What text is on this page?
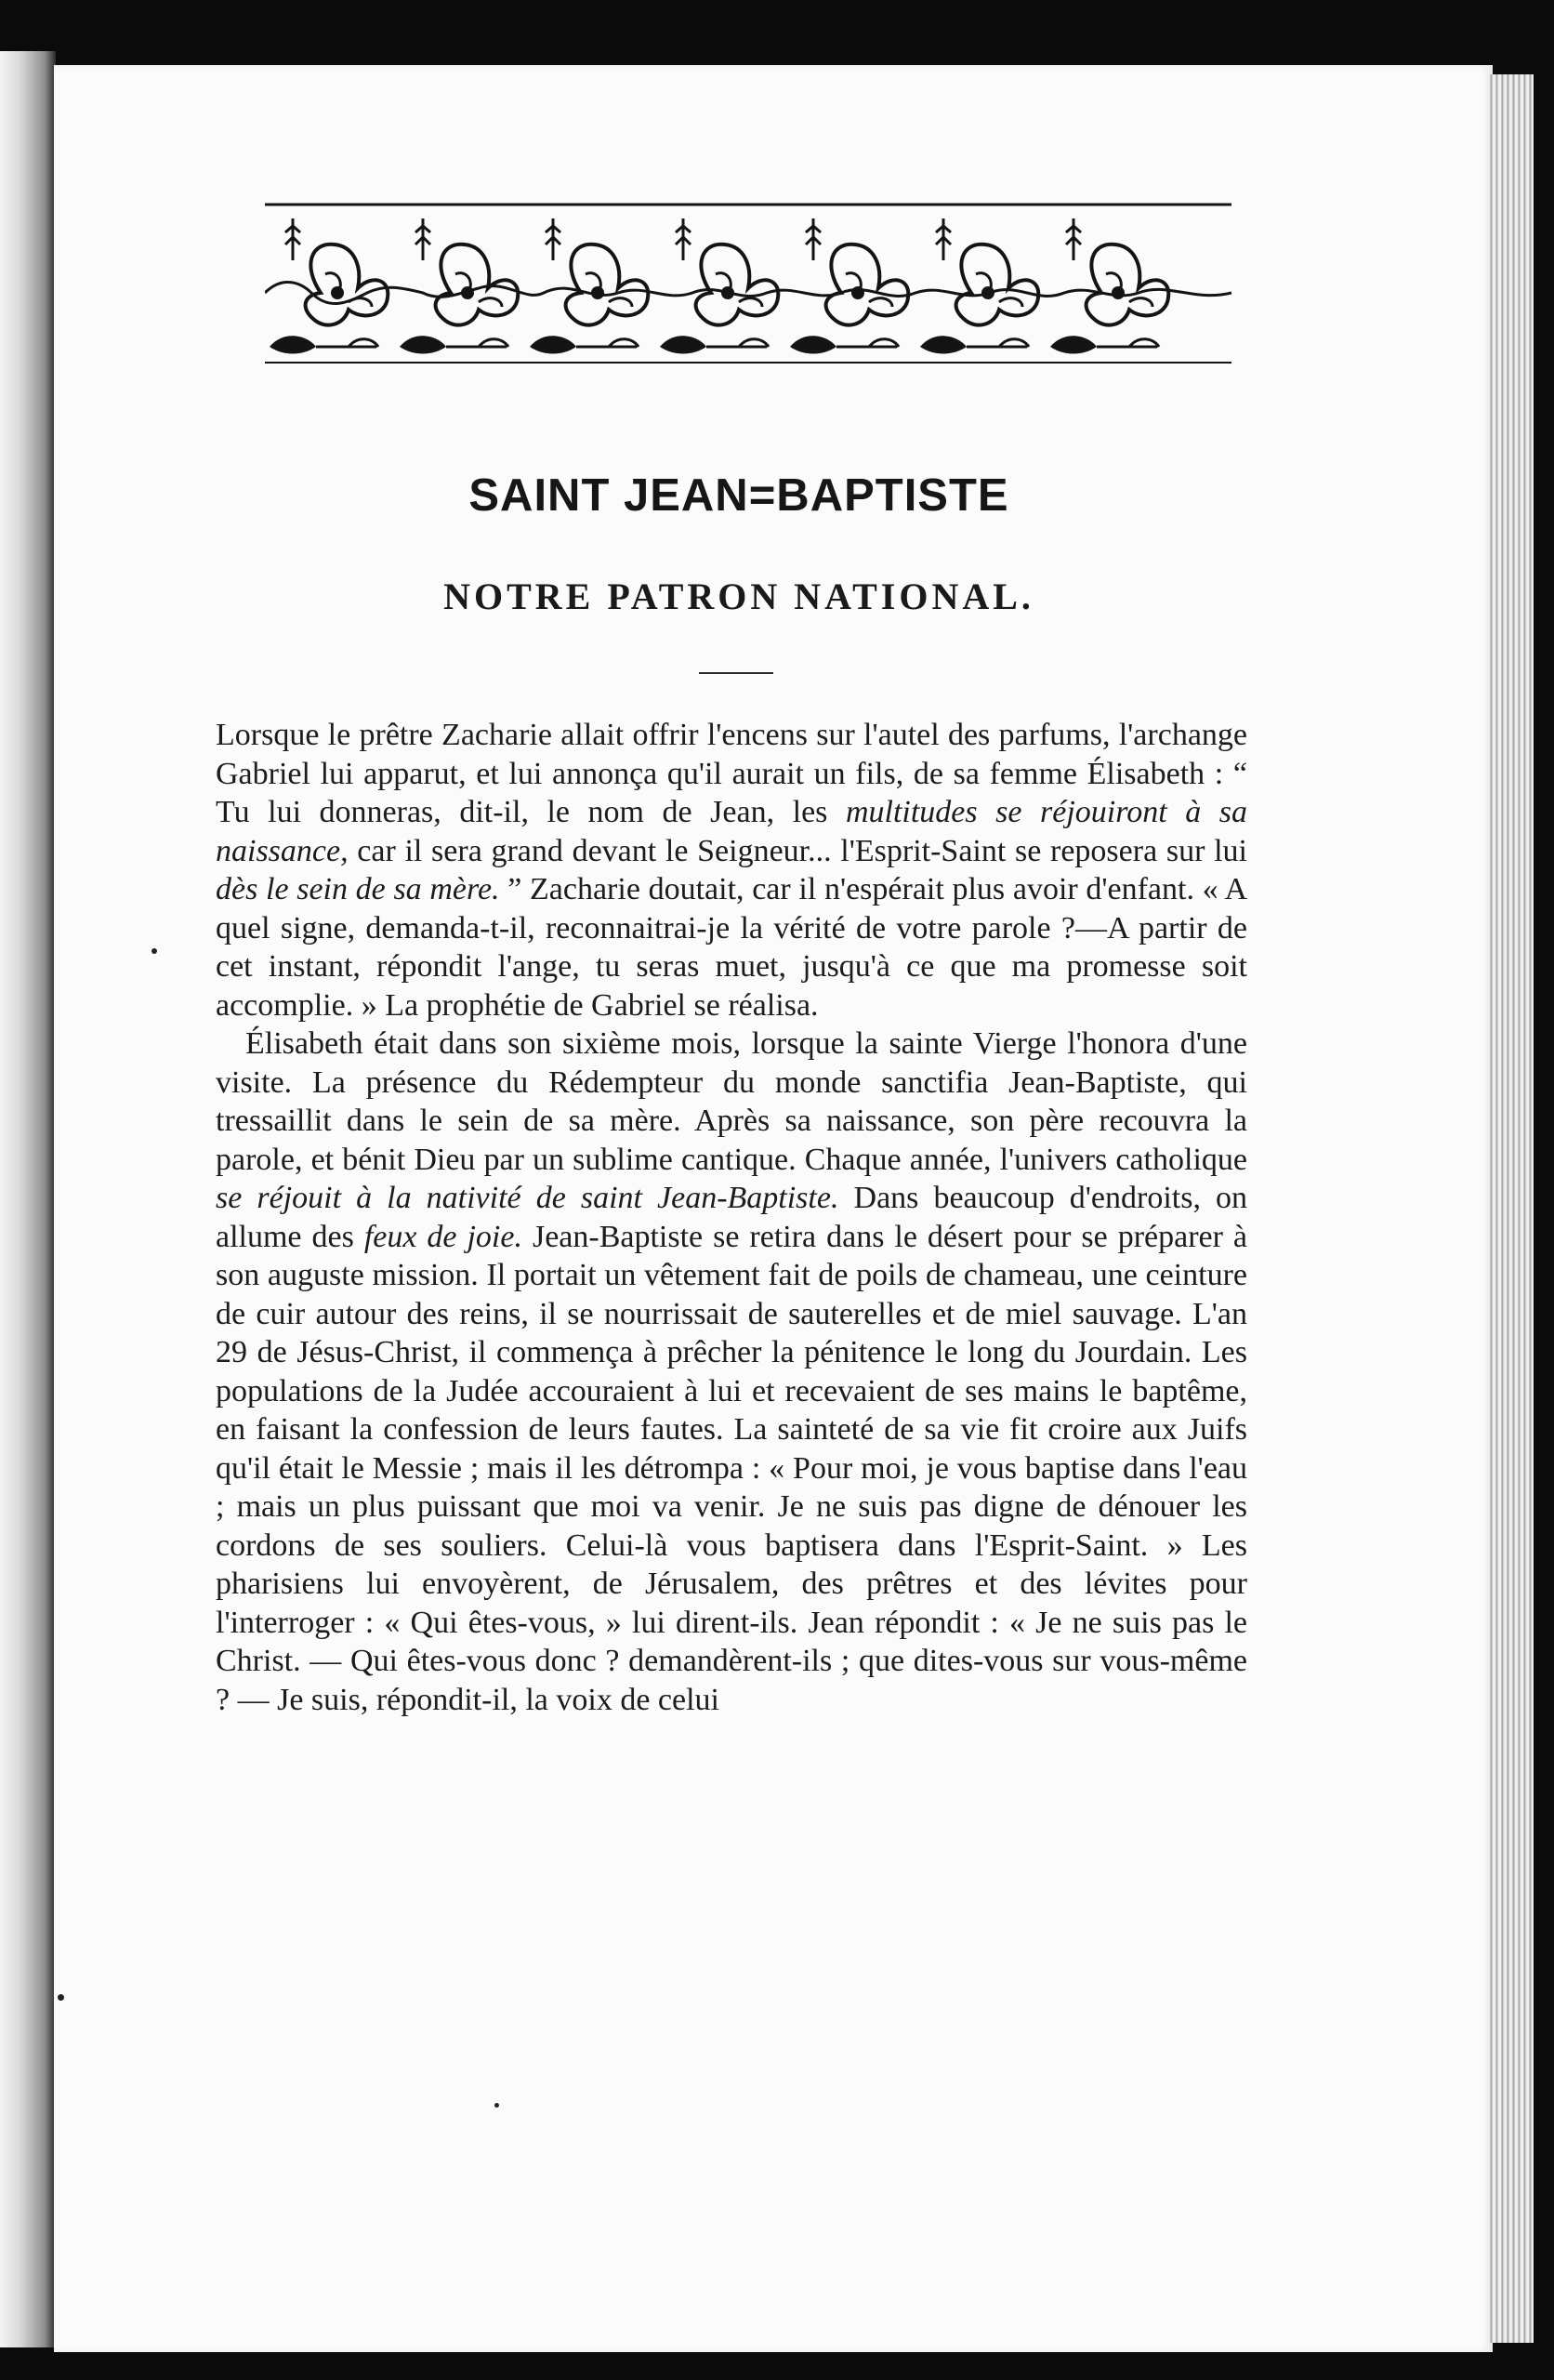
SAINT JEAN=BAPTISTE
NOTRE PATRON NATIONAL.

Lorsque le prêtre Zacharie allait offrir l'encens sur l'autel des parfums, l'archange Gabriel lui apparut, et lui annonça qu'il aurait un fils, de sa femme Élisabeth : “ Tu lui donneras, dit-il, le nom de Jean, les multitudes se réjouiront à sa naissance, car il sera grand devant le Seigneur... l'Esprit-Saint se reposera sur lui dès le sein de sa mère. ” Zacharie doutait, car il n'espérait plus avoir d'enfant. « A quel signe, demanda-t-il, reconnaitrai-je la vérité de votre parole ?—A partir de cet instant, répondit l'ange, tu seras muet, jusqu'à ce que ma promesse soit accomplie. » La prophétie de Gabriel se réalisa.

Élisabeth était dans son sixième mois, lorsque la sainte Vierge l'honora d'une visite. La présence du Rédempteur du monde sanctifia Jean-Baptiste, qui tressaillit dans le sein de sa mère. Après sa naissance, son père recouvra la parole, et bénit Dieu par un sublime cantique. Chaque année, l'univers catholique se réjouit à la nativité de saint Jean-Baptiste. Dans beaucoup d'endroits, on allume des feux de joie. Jean-Baptiste se retira dans le désert pour se préparer à son auguste mission. Il portait un vêtement fait de poils de chameau, une ceinture de cuir autour des reins, il se nourrissait de sauterelles et de miel sauvage. L'an 29 de Jésus-Christ, il commença à prêcher la pénitence le long du Jourdain. Les populations de la Judée accouraient à lui et recevaient de ses mains le baptême, en faisant la confession de leurs fautes. La sainteté de sa vie fit croire aux Juifs qu'il était le Messie ; mais il les détrompa : « Pour moi, je vous baptise dans l'eau ; mais un plus puissant que moi va venir. Je ne suis pas digne de dénouer les cordons de ses souliers. Celui-là vous baptisera dans l'Esprit-Saint. » Les pharisiens lui envoyèrent, de Jérusalem, des prêtres et des lévites pour l'interroger : « Qui êtes-vous, » lui dirent-ils. Jean répondit : « Je ne suis pas le Christ. — Qui êtes-vous donc ? demandèrent-ils ; que dites-vous sur vous-même ? — Je suis, répondit-il, la voix de celui
